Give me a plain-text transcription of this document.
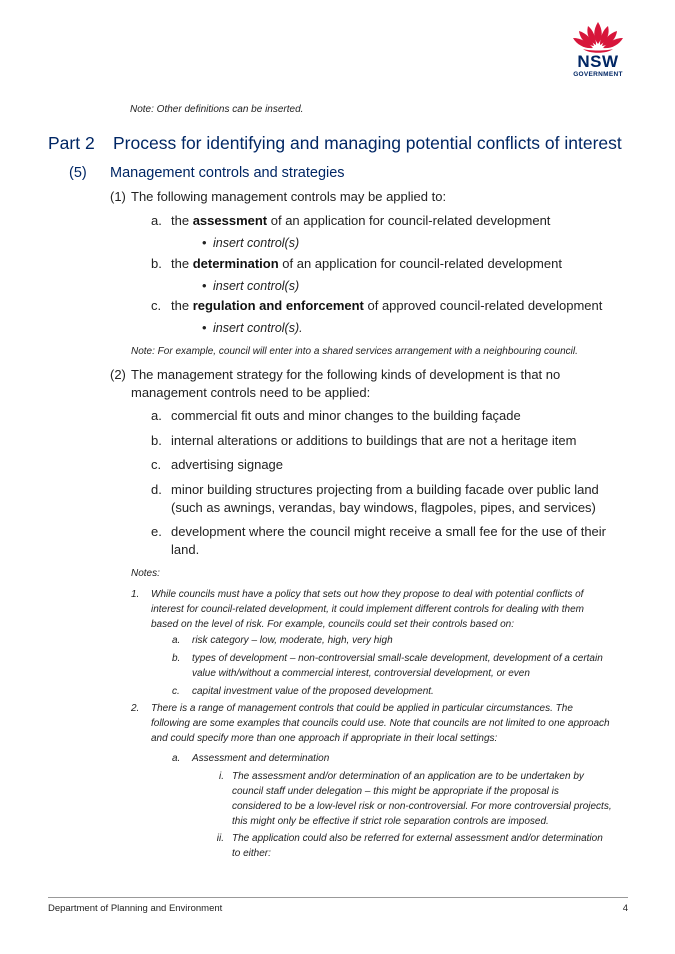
NSW
GOVERNMENT
Note: Other definitions can be inserted.
Part 2 Process for identifying and managing potential conflicts of interest
(5) Management controls and strategies
(1) The following management controls may be applied to:
a. the assessment of an application for council-related development
• insert control(s)
b. the determination of an application for council-related development
• insert control(s)
c. the regulation and enforcement of approved council-related development
• insert control(s).
Note: For example, council will enter into a shared services arrangement with a neighbouring council.
(2) The management strategy for the following kinds of development is that no
management controls need to be applied:
a. commercial fit outs and minor changes to the building façade
b. internal alterations or additions to buildings that are not a heritage item
c. advertising signage
d. minor building structures projecting from a building facade over public land
(such as awnings, verandas, bay windows, flagpoles, pipes, and services)
e. development where the council might receive a small fee for the use of their
land.
Notes:
1. While councils must have a policy that sets out how they propose to deal with potential conflicts of
interest for council-related development, it could implement different controls for dealing with them
based on the level of risk. For example, councils could set their controls based on:
a. risk category – low, moderate, high, very high
b. types of development – non-controversial small-scale development, development of a certain
value with/without a commercial interest, controversial development, or even
c. capital investment value of the proposed development.
2. There is a range of management controls that could be applied in particular circumstances. The
following are some examples that councils could use. Note that councils are not limited to one approach
and could specify more than one approach if appropriate in their local settings:
a. Assessment and determination
i. The assessment and/or determination of an application are to be undertaken by
council staff under delegation – this might be appropriate if the proposal is
considered to be a low-level risk or non-controversial. For more controversial projects,
this might only be effective if strict role separation controls are imposed.
ii. The application could also be referred for external assessment and/or determination
to either:
Department of Planning and Environment	4
